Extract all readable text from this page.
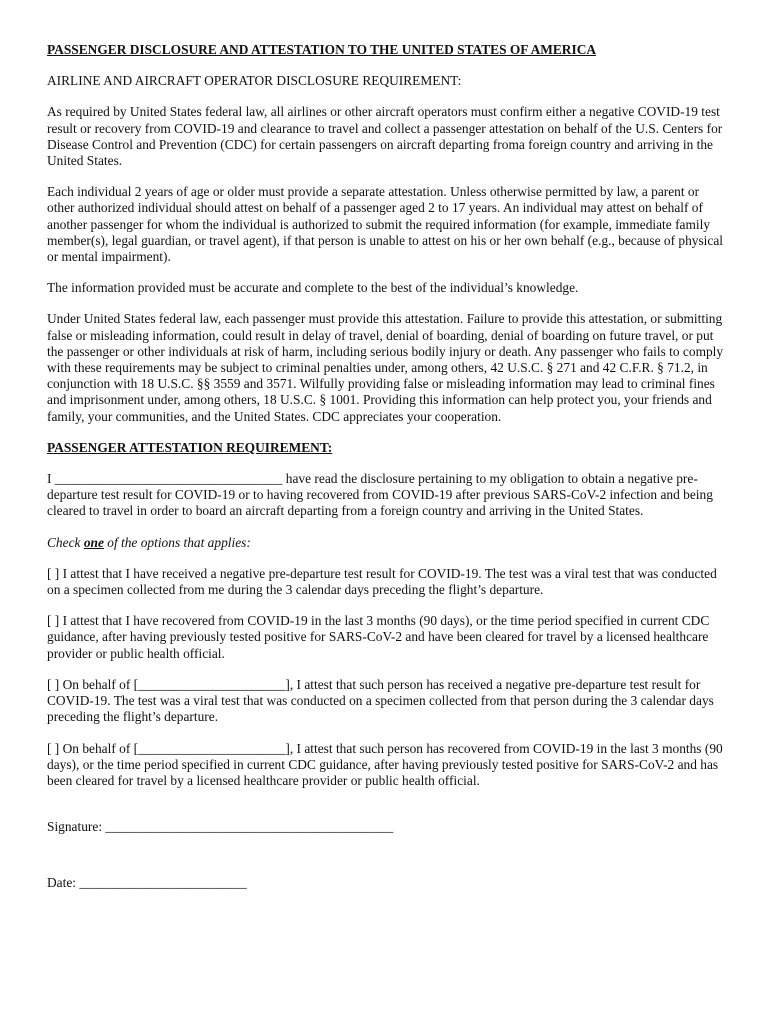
PASSENGER DISCLOSURE AND ATTESTATION TO THE UNITED STATES OF AMERICA
AIRLINE AND AIRCRAFT OPERATOR DISCLOSURE REQUIREMENT:

As required by United States federal law, all airlines or other aircraft operators must confirm either a negative COVID-19 test result or recovery from COVID-19 and clearance to travel and collect a passenger attestation on behalf of the U.S. Centers for Disease Control and Prevention (CDC) for certain passengers on aircraft departing froma foreign country and arriving in the United States.

Each individual 2 years of age or older must provide a separate attestation. Unless otherwise permitted by law, a parent or other authorized individual should attest on behalf of a passenger aged 2 to 17 years. An individual may attest on behalf of another passenger for whom the individual is authorized to submit the required information (for example, immediate family member(s), legal guardian, or travel agent), if that person is unable to attest on his or her own behalf (e.g., because of physical or mental impairment).

The information provided must be accurate and complete to the best of the individual’s knowledge.

Under United States federal law, each passenger must provide this attestation. Failure to provide this attestation, or submitting false or misleading information, could result in delay of travel, denial of boarding, denial of boarding on future travel, or put the passenger or other individuals at risk of harm, including serious bodily injury or death. Any passenger who fails to comply with these requirements may be subject to criminal penalties under, among others, 42 U.S.C. § 271 and 42 C.F.R. § 71.2, in conjunction with 18 U.S.C. §§ 3559 and 3571. Wilfully providing false or misleading information may lead to criminal fines and imprisonment under, among others, 18 U.S.C. § 1001. Providing this information can help protect you, your friends and family, your communities, and the United States. CDC appreciates your cooperation.

PASSENGER ATTESTATION REQUIREMENT:

I __________________________________ have read the disclosure pertaining to my obligation to obtain a negative pre-departure test result for COVID-19 or to having recovered from COVID-19 after previous SARS-CoV-2 infection and being cleared to travel in order to board an aircraft departing from a foreign country and arriving in the United States.

Check one of the options that applies:

[ ] I attest that I have received a negative pre-departure test result for COVID-19. The test was a viral test that was conducted on a specimen collected from me during the 3 calendar days preceding the flight’s departure.

[ ] I attest that I have recovered from COVID-19 in the last 3 months (90 days), or the time period specified in current CDC guidance, after having previously tested positive for SARS-CoV-2 and have been cleared for travel by a licensed healthcare provider or public health official.

[ ] On behalf of [______________________], I attest that such person has received a negative pre-departure test result for COVID-19. The test was a viral test that was conducted on a specimen collected from that person during the 3 calendar days preceding the flight’s departure.

[ ] On behalf of [______________________], I attest that such person has recovered from COVID-19 in the last 3 months (90 days), or the time period specified in current CDC guidance, after having previously tested positive for SARS-CoV-2 and has been cleared for travel by a licensed healthcare provider or public health official.

Signature: ___________________________________________
Date: _________________________
